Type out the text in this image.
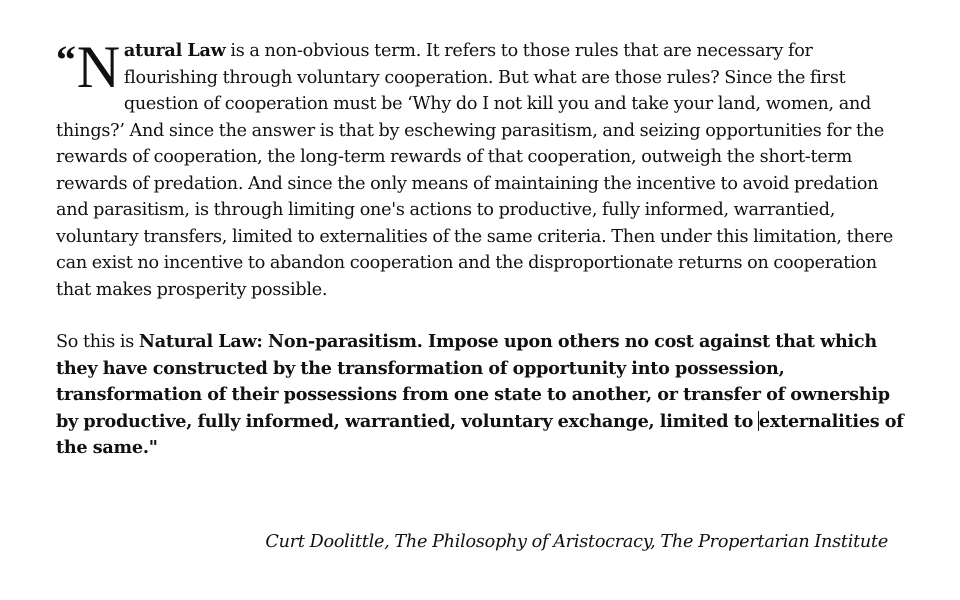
“ N atural Law is a non-obvious term. It refers to those rules that are necessary for flourishing through voluntary cooperation. But what are those rules? Since the first question of cooperation must be ‘Why do I not kill you and take your land, women, and things?’ And since the answer is that by eschewing parasitism, and seizing opportunities for the rewards of cooperation, the long-term rewards of that cooperation, outweigh the short-term rewards of predation. And since the only means of maintaining the incentive to avoid predation and parasitism, is through limiting one's actions to productive, fully informed, warrantied, voluntary transfers, limited to externalities of the same criteria. Then under this limitation, there can exist no incentive to abandon cooperation and the disproportionate returns on cooperation that makes prosperity possible.

So this is Natural Law: Non-parasitism. Impose upon others no cost against that which they have constructed by the transformation of opportunity into possession, transformation of their possessions from one state to another, or transfer of ownership by productive, fully informed, warrantied, voluntary exchange, limited to externalities of the same."

Curt Doolittle, The Philosophy of Aristocracy, The Propertarian Institute
